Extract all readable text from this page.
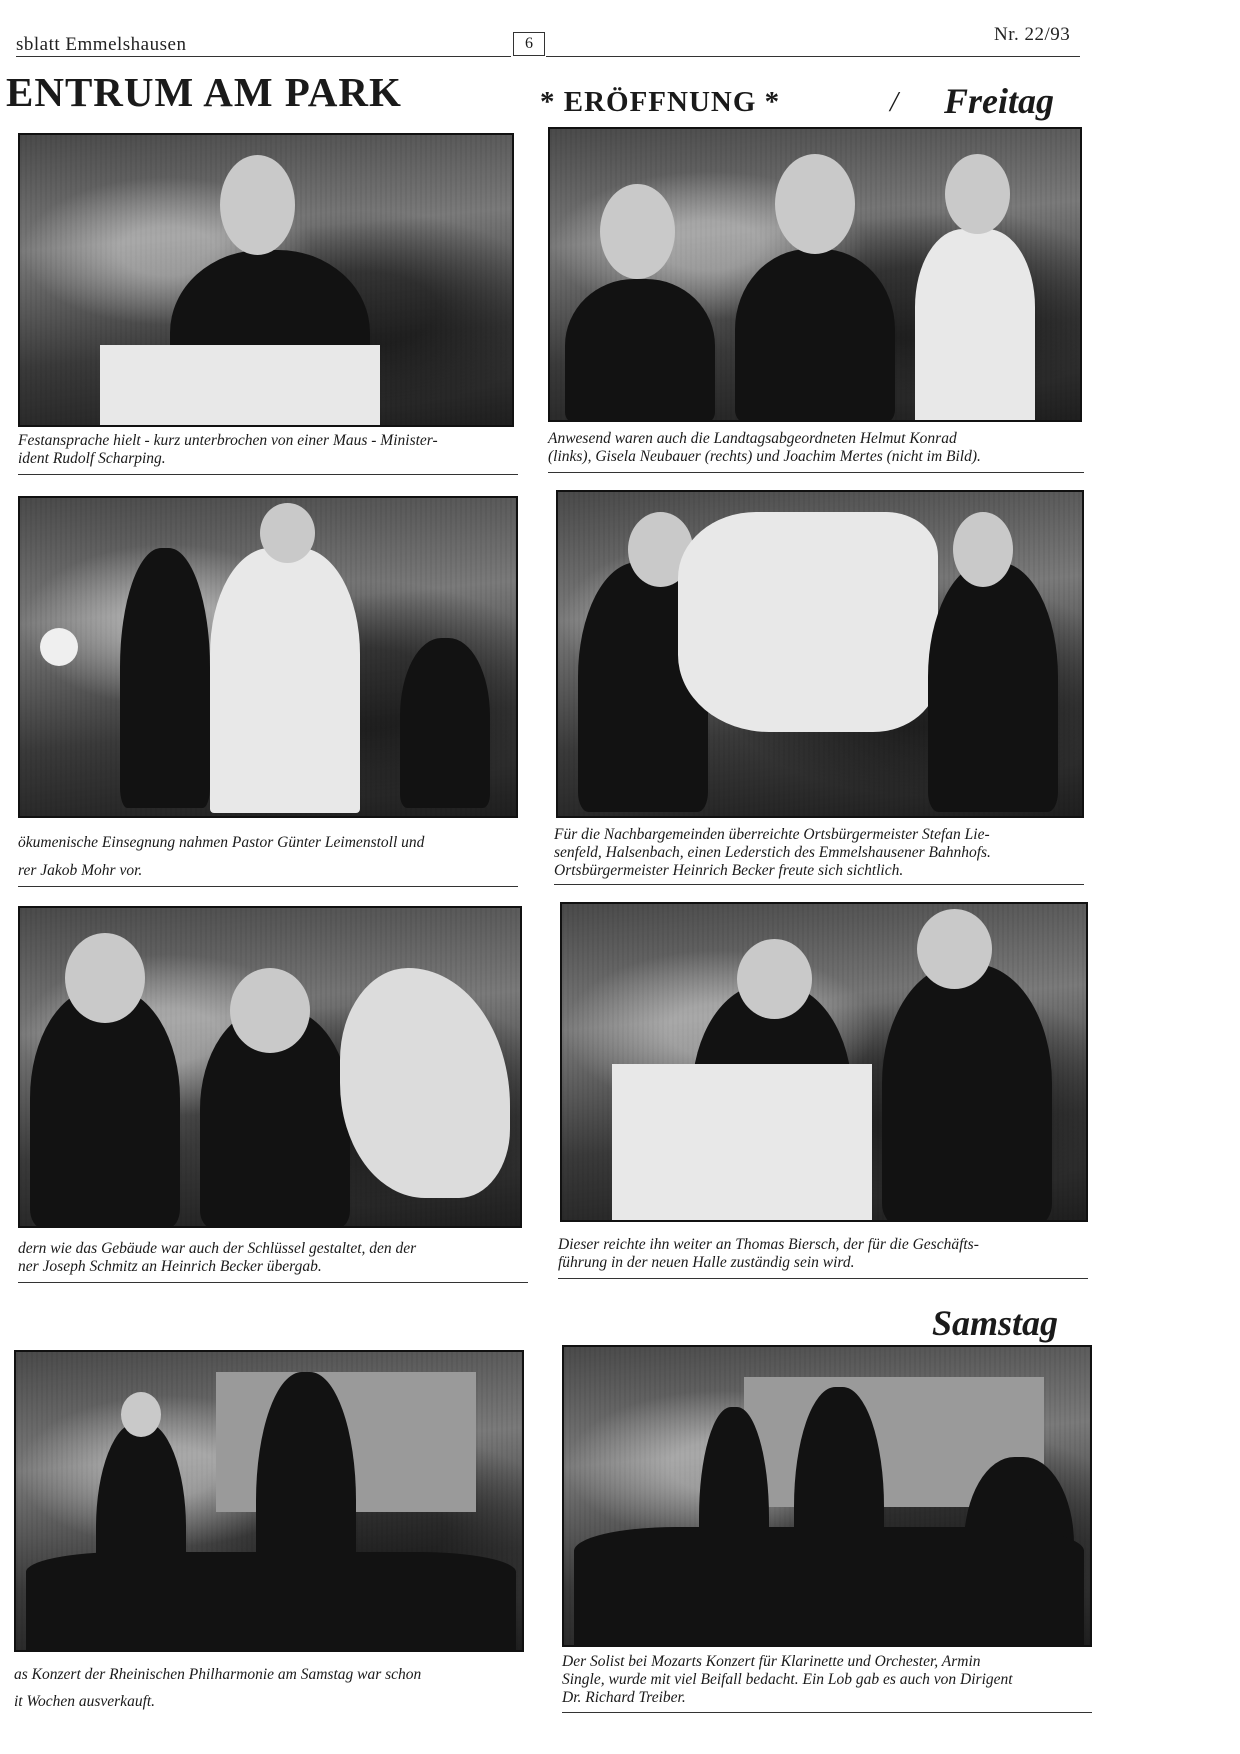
sblatt Emmelshausen	6	Nr. 22/93
ENTRUM AM PARK	* ERÖFFNUNG *	/ Freitag
Festansprache hielt - kurz unterbrochen von einer Maus - Minister-
ident Rudolf Scharping.
Anwesend waren auch die Landtagsabgeordneten Helmut Konrad
(links), Gisela Neubauer (rechts) und Joachim Mertes (nicht im Bild).
ökumenische Einsegnung nahmen Pastor Günter Leimenstoll und
rer Jakob Mohr vor.
Für die Nachbargemeinden überreichte Ortsbürgermeister Stefan Lie-
senfeld, Halsenbach, einen Lederstich des Emmelshausener Bahnhofs.
Ortsbürgermeister Heinrich Becker freute sich sichtlich.
dern wie das Gebäude war auch der Schlüssel gestaltet, den der
ner Joseph Schmitz an Heinrich Becker übergab.
Dieser reichte ihn weiter an Thomas Biersch, der für die Geschäfts-
führung in der neuen Halle zuständig sein wird.
Samstag
as Konzert der Rheinischen Philharmonie am Samstag war schon
it Wochen ausverkauft.
Der Solist bei Mozarts Konzert für Klarinette und Orchester, Armin
Single, wurde mit viel Beifall bedacht. Ein Lob gab es auch von Dirigent
Dr. Richard Treiber.
